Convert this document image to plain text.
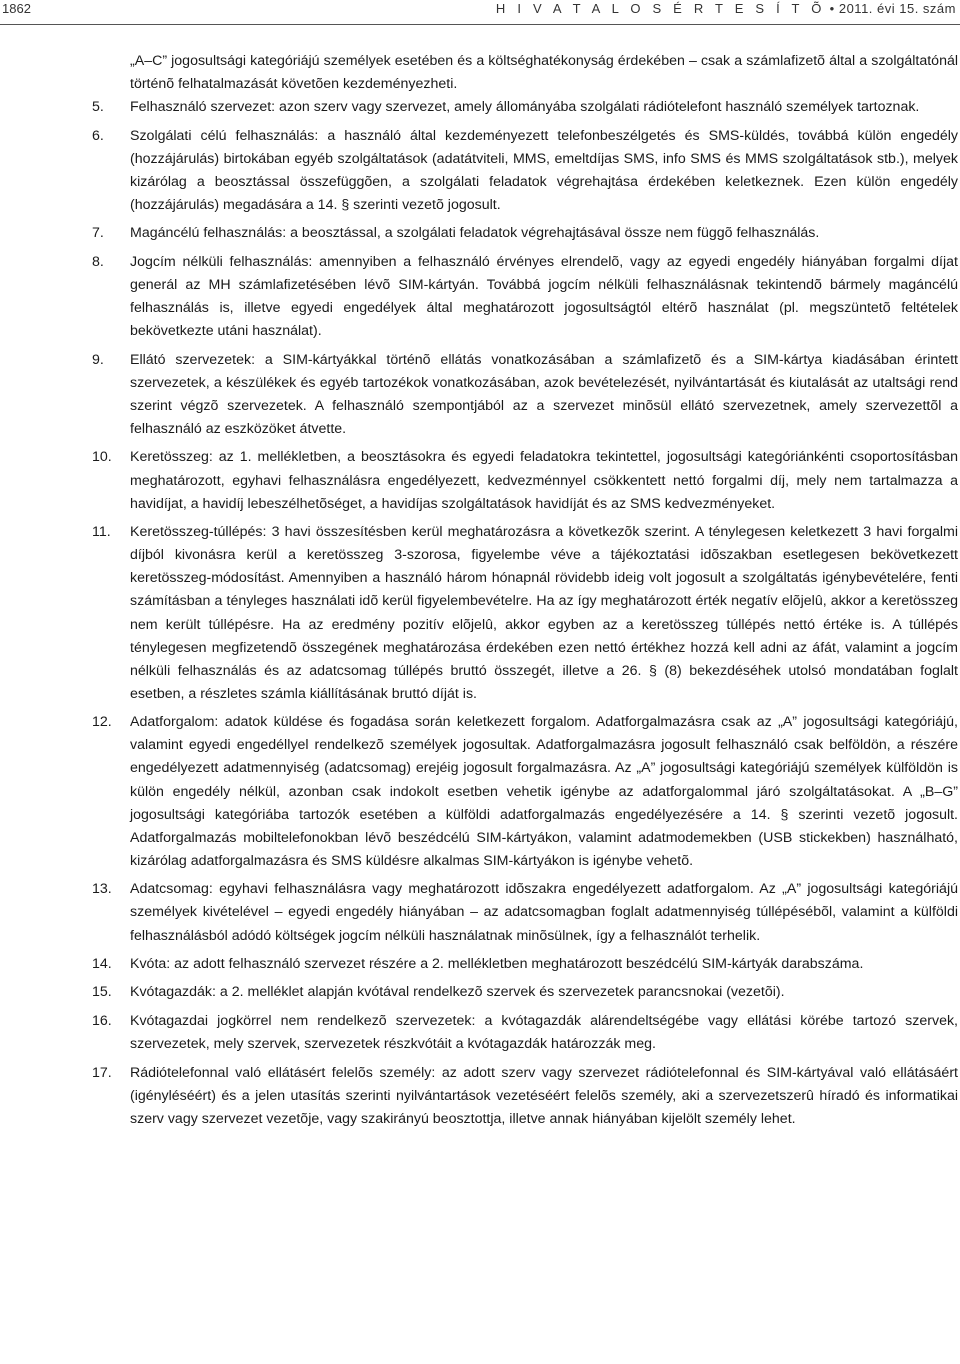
1862	H I V A T A L O S É R T E S Í T Õ • 2011. évi 15. szám

„A–C” jogosultsági kategóriájú személyek esetében és a költséghatékonyság érdekében – csak a számlafizetõ által a szolgáltatónál történõ felhatalmazását követõen kezdeményezheti.

5.	Felhasználó szervezet: azon szerv vagy szervezet, amely állományába szolgálati rádiótelefont használó személyek tartoznak.
6.	Szolgálati célú felhasználás: a használó által kezdeményezett telefonbeszélgetés és SMS-küldés, továbbá külön engedély (hozzájárulás) birtokában egyéb szolgáltatások (adatátviteli, MMS, emeltdíjas SMS, info SMS és MMS szolgáltatások stb.), melyek kizárólag a beosztással összefüggõen, a szolgálati feladatok végrehajtása érdekében keletkeznek. Ezen külön engedély (hozzájárulás) megadására a 14. § szerinti vezetõ jogosult.
7.	Magáncélú felhasználás: a beosztással, a szolgálati feladatok végrehajtásával össze nem függõ felhasználás.
8.	Jogcím nélküli felhasználás: amennyiben a felhasználó érvényes elrendelõ, vagy az egyedi engedély hiányában forgalmi díjat generál az MH számlafizetésében lévõ SIM-kártyán. Továbbá jogcím nélküli felhasználásnak tekintendõ bármely magáncélú felhasználás is, illetve egyedi engedélyek által meghatározott jogosultságtól eltérõ használat (pl. megszüntetõ feltételek bekövetkezte utáni használat).
9.	Ellátó szervezetek: a SIM-kártyákkal történõ ellátás vonatkozásában a számlafizetõ és a SIM-kártya kiadásában érintett szervezetek, a készülékek és egyéb tartozékok vonatkozásában, azok bevételezését, nyilvántartását és kiutalását az utaltsági rend szerint végzõ szervezetek. A felhasználó szempontjából az a szervezet minõsül ellátó szervezetnek, amely szervezettõl a felhasználó az eszközöket átvette.
10.	Keretösszeg: az 1. mellékletben, a beosztásokra és egyedi feladatokra tekintettel, jogosultsági kategóriánkénti csoportosításban meghatározott, egyhavi felhasználásra engedélyezett, kedvezménnyel csökkentett nettó forgalmi díj, mely nem tartalmazza a havidíjat, a havidíj lebeszélhetõséget, a havidíjas szolgáltatások havidíját és az SMS kedvezményeket.
11.	Keretösszeg-túllépés: 3 havi összesítésben kerül meghatározásra a következõk szerint. A ténylegesen keletkezett 3 havi forgalmi díjból kivonásra kerül a keretösszeg 3-szorosa, figyelembe véve a tájékoztatási idõszakban esetlegesen bekövetkezett keretösszeg-módosítást. Amennyiben a használó három hónapnál rövidebb ideig volt jogosult a szolgáltatás igénybevételére, fenti számításban a tényleges használati idõ kerül figyelembevételre. Ha az így meghatározott érték negatív elõjelû, akkor a keretösszeg nem került túllépésre. Ha az eredmény pozitív elõjelû, akkor egyben az a keretösszeg túllépés nettó értéke is. A túllépés ténylegesen megfizetendõ összegének meghatározása érdekében ezen nettó értékhez hozzá kell adni az áfát, valamint a jogcím nélküli felhasználás és az adatcsomag túllépés bruttó összegét, illetve a 26. § (8) bekezdéséhek utolsó mondatában foglalt esetben, a részletes számla kiállításának bruttó díját is.
12.	Adatforgalom: adatok küldése és fogadása során keletkezett forgalom. Adatforgalmazásra csak az „A” jogosultsági kategóriájú, valamint egyedi engedéllyel rendelkezõ személyek jogosultak. Adatforgalmazásra jogosult felhasználó csak belföldön, a részére engedélyezett adatmennyiség (adatcsomag) erejéig jogosult forgalmazásra. Az „A” jogosultsági kategóriájú személyek külföldön is külön engedély nélkül, azonban csak indokolt esetben vehetik igénybe az adatforgalommal járó szolgáltatásokat. A „B–G” jogosultsági kategóriába tartozók esetében a külföldi adatforgalmazás engedélyezésére a 14. § szerinti vezetõ jogosult. Adatforgalmazás mobiltelefonokban lévõ beszédcélú SIM-kártyákon, valamint adatmodemekben (USB stickekben) használható, kizárólag adatforgalmazásra és SMS küldésre alkalmas SIM-kártyákon is igénybe vehetõ.
13.	Adatcsomag: egyhavi felhasználásra vagy meghatározott idõszakra engedélyezett adatforgalom. Az „A” jogosultsági kategóriájú személyek kivételével – egyedi engedély hiányában – az adatcsomagban foglalt adatmennyiség túllépésébõl, valamint a külföldi felhasználásból adódó költségek jogcím nélküli használatnak minõsülnek, így a felhasználót terhelik.
14.	Kvóta: az adott felhasználó szervezet részére a 2. mellékletben meghatározott beszédcélú SIM-kártyák darabszáma.
15.	Kvótagazdák: a 2. melléklet alapján kvótával rendelkezõ szervek és szervezetek parancsnokai (vezetõi).
16.	Kvótagazdai jogkörrel nem rendelkezõ szervezetek: a kvótagazdák alárendeltségébe vagy ellátási körébe tartozó szervek, szervezetek, mely szervek, szervezetek részkvótáit a kvótagazdák határozzák meg.
17.	Rádiótelefonnal való ellátásért felelõs személy: az adott szerv vagy szervezet rádiótelefonnal és SIM-kártyával való ellátásáért (igényléséért) és a jelen utasítás szerinti nyilvántartások vezetéséért felelõs személy, aki a szervezetszerû híradó és informatikai szerv vagy szervezet vezetõje, vagy szakirányú beosztottja, illetve annak hiányában kijelölt személy lehet.
